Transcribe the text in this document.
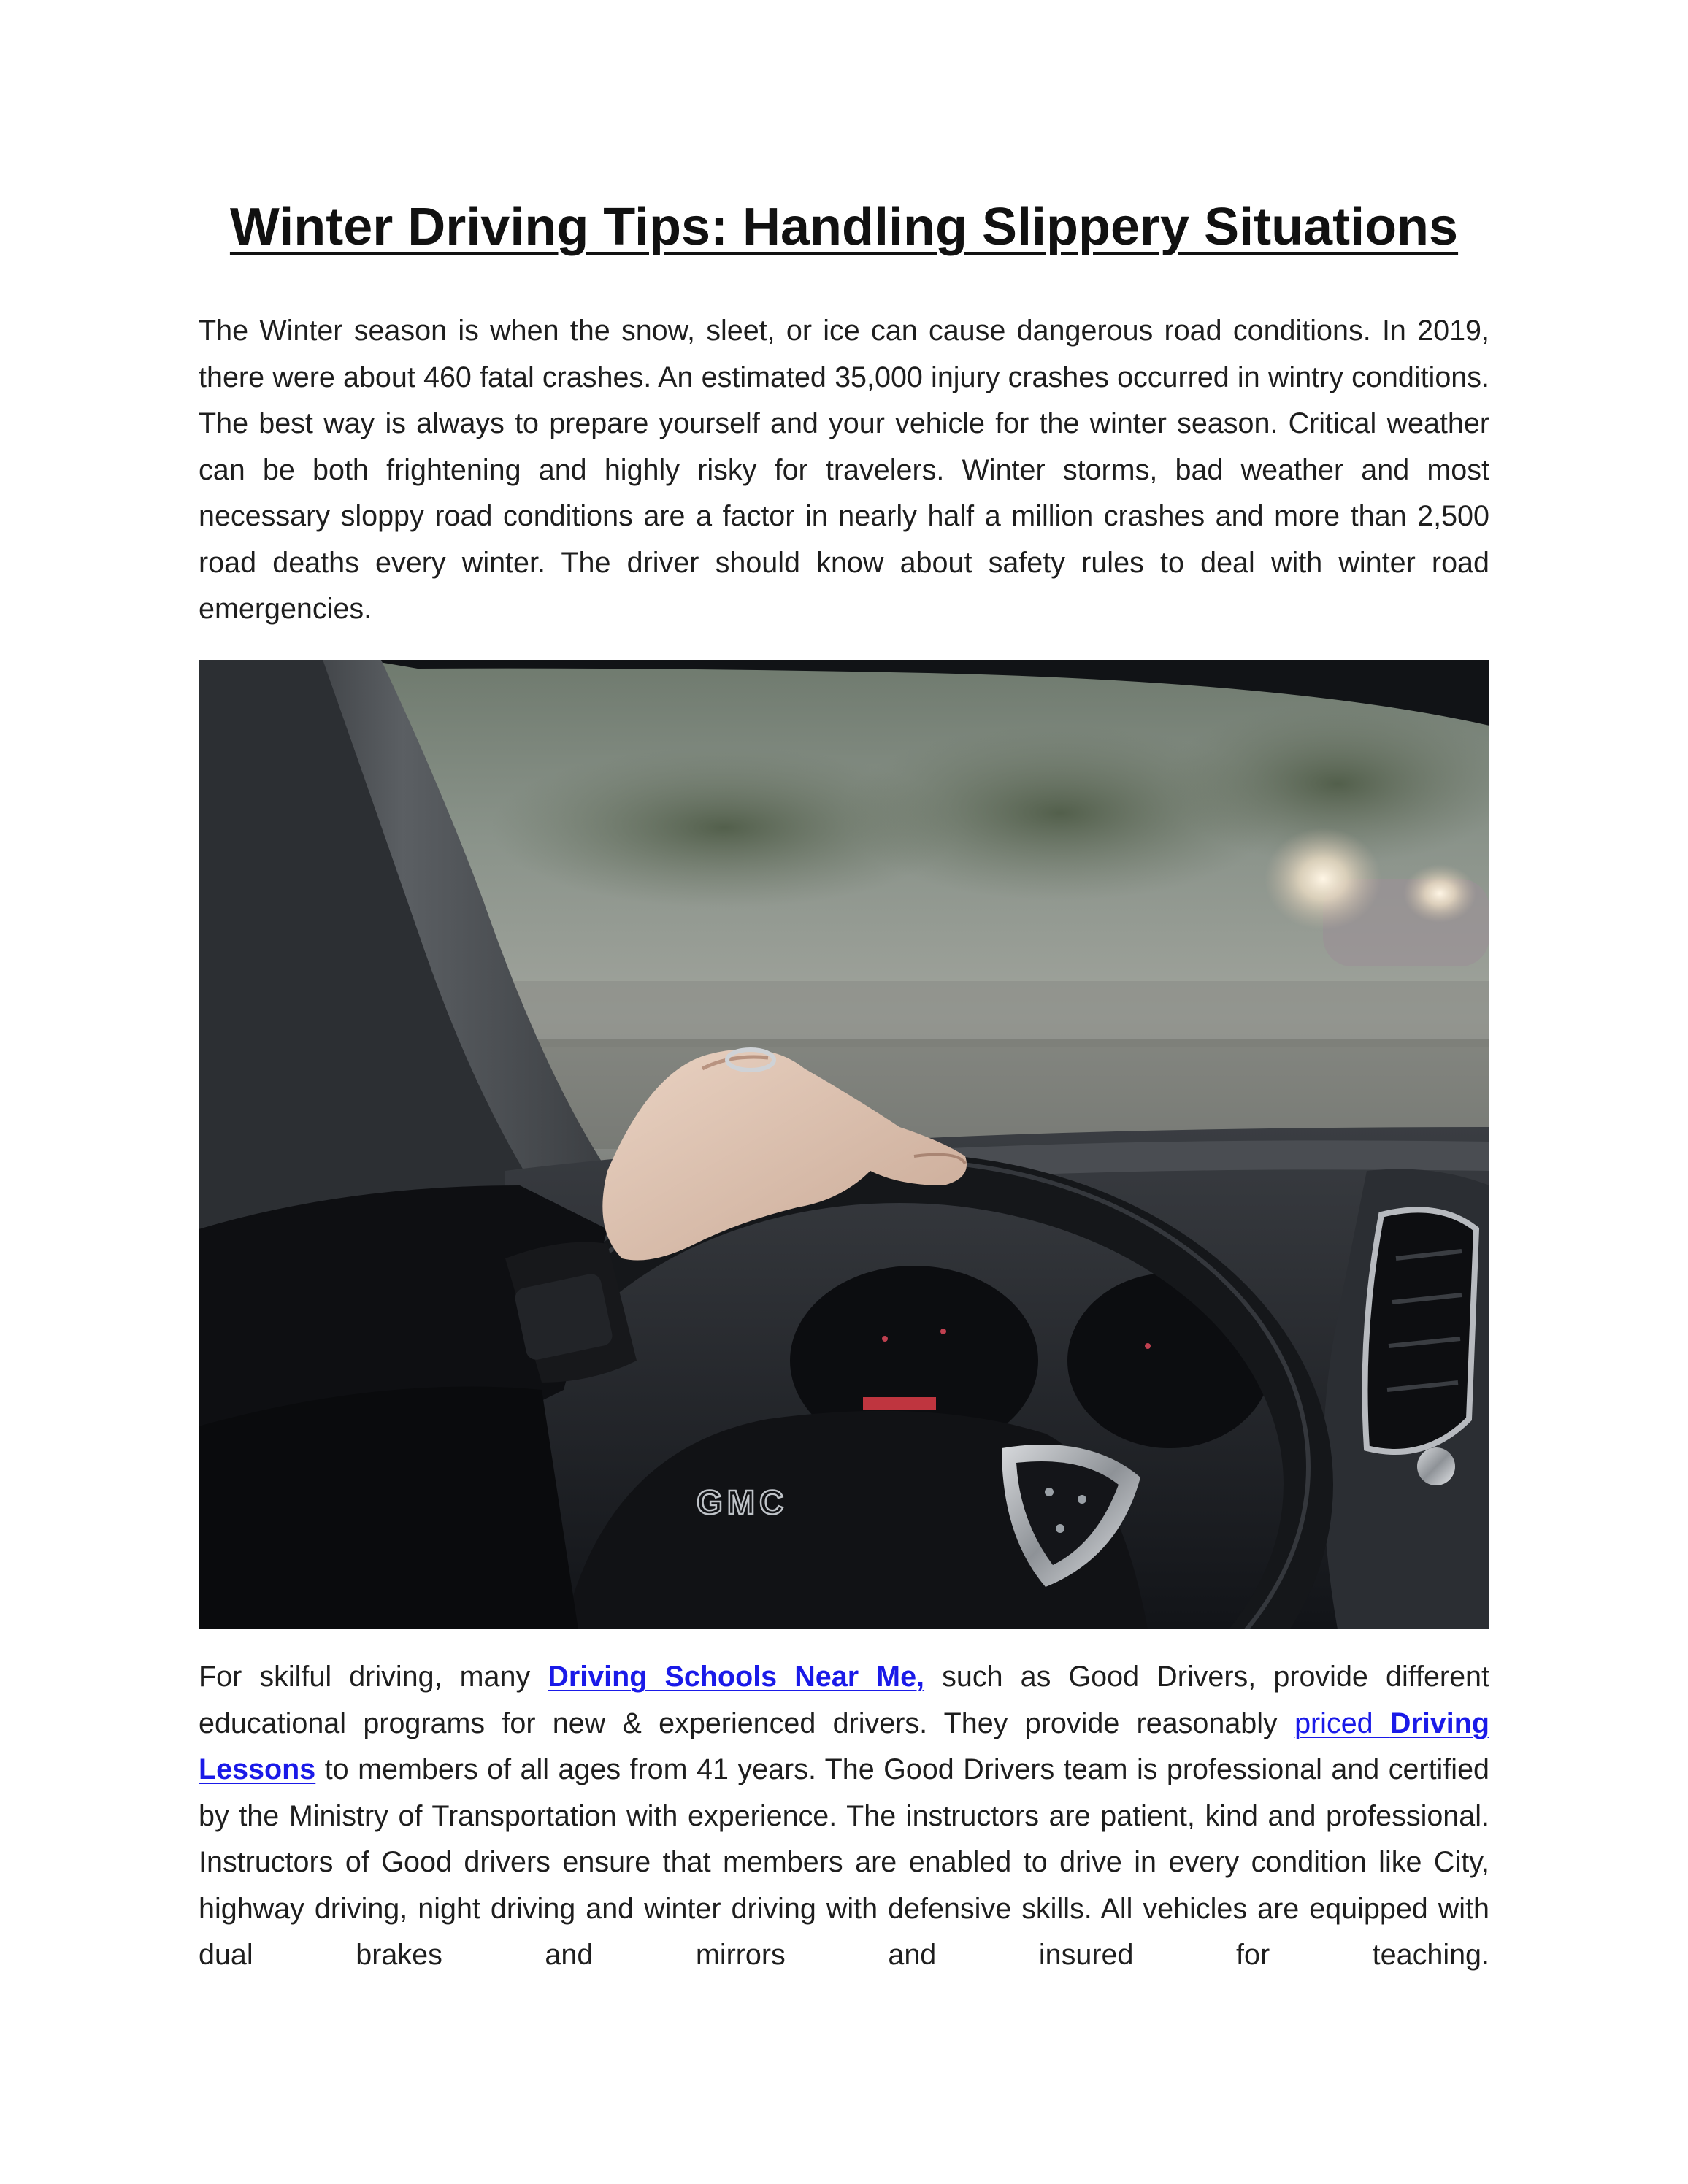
Winter Driving Tips: Handling Slippery Situations

The Winter season is when the snow, sleet, or ice can cause dangerous road conditions. In 2019, there were about 460 fatal crashes. An estimated 35,000 injury crashes occurred in wintry conditions. The best way is always to prepare yourself and your vehicle for the winter season. Critical weather can be both frightening and highly risky for travelers. Winter storms, bad weather and most necessary sloppy road conditions are a factor in nearly half a million crashes and more than 2,500 road deaths every winter. The driver should know about safety rules to deal with winter road emergencies.

GMC

For skilful driving, many Driving Schools Near Me, such as Good Drivers, provide different educational programs for new & experienced drivers. They provide reasonably priced Driving Lessons to members of all ages from 41 years. The Good Drivers team is professional and certified by the Ministry of Transportation with experience. The instructors are patient, kind and professional. Instructors of Good drivers ensure that members are enabled to drive in every condition like City, highway driving, night driving and winter driving with defensive skills. All vehicles are equipped with dual brakes and mirrors and insured for teaching.
